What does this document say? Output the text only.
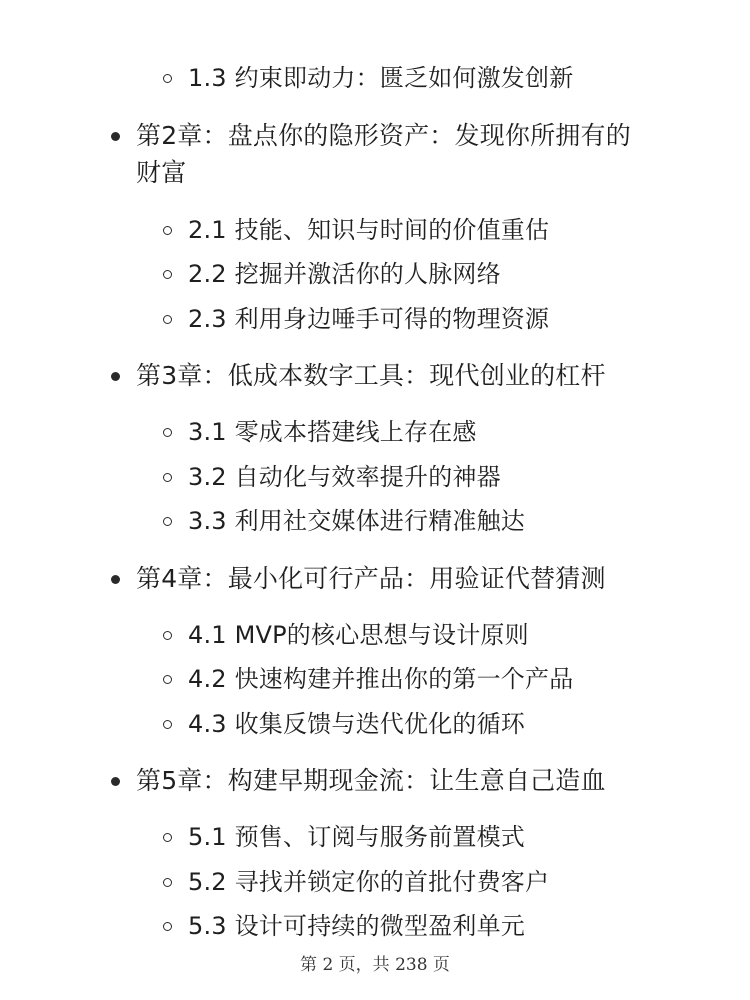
1.3 约束即动力：匮乏如何激发创新
第2章：盘点你的隐形资产：发现你所拥有的
财富
2.1 技能、知识与时间的价值重估
2.2 挖掘并激活你的人脉网络
2.3 利用身边唾手可得的物理资源
第3章：低成本数字工具：现代创业的杠杆
3.1 零成本搭建线上存在感
3.2 自动化与效率提升的神器
3.3 利用社交媒体进行精准触达
第4章：最小化可行产品：用验证代替猜测
4.1 MVP的核心思想与设计原则
4.2 快速构建并推出你的第一个产品
4.3 收集反馈与迭代优化的循环
第5章：构建早期现金流：让生意自己造血
5.1 预售、订阅与服务前置模式
5.2 寻找并锁定你的首批付费客户
5.3 设计可持续的微型盈利单元
第 2 页，共 238 页
